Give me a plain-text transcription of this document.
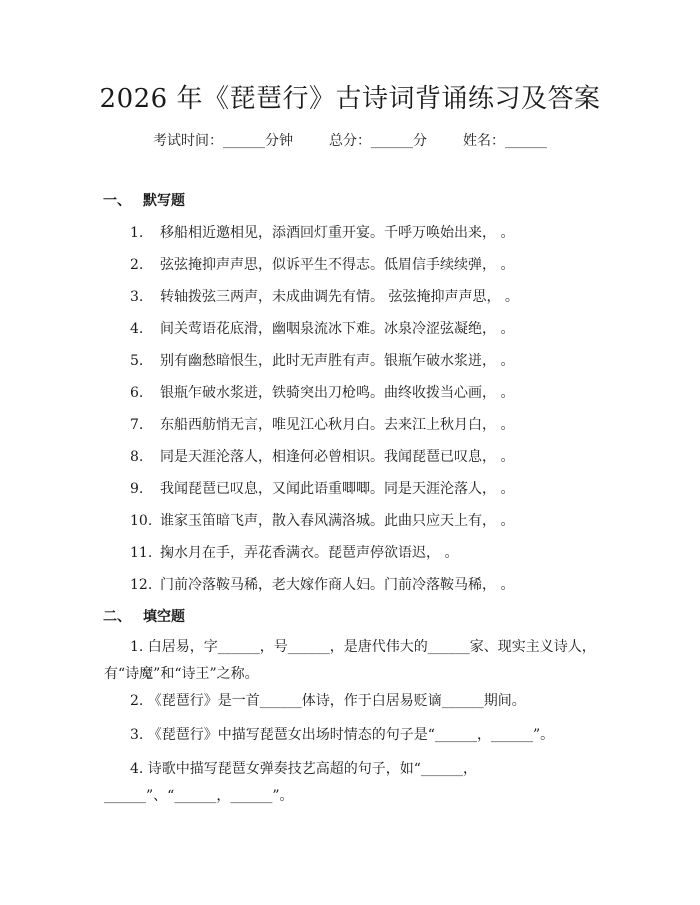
2026 年《琵琶行》古诗词背诵练习及答案
考试时间：______分钟	总分：______分	姓名：______
一、 默写题
1. 移船相近邀相见，添酒回灯重开宴。千呼万唤始出来， 。
2. 弦弦掩抑声声思，似诉平生不得志。低眉信手续续弹， 。
3. 转轴拨弦三两声，未成曲调先有情。 弦弦掩抑声声思， 。
4. 间关莺语花底滑，幽咽泉流冰下难。冰泉冷涩弦凝绝， 。
5. 别有幽愁暗恨生，此时无声胜有声。银瓶乍破水浆迸， 。
6. 银瓶乍破水浆迸，铁骑突出刀枪鸣。曲终收拨当心画， 。
7. 东船西舫悄无言，唯见江心秋月白。去来江上秋月白， 。
8. 同是天涯沦落人，相逢何必曾相识。我闻琵琶已叹息， 。
9. 我闻琵琶已叹息，又闻此语重唧唧。同是天涯沦落人， 。
10. 谁家玉笛暗飞声，散入春风满洛城。此曲只应天上有， 。
11. 掬水月在手，弄花香满衣。琵琶声停欲语迟， 。
12. 门前冷落鞍马稀，老大嫁作商人妇。门前冷落鞍马稀， 。
二、 填空题
1. 白居易，字______，号______，是唐代伟大的______家、现实主义诗人，有“诗魔”和“诗王”之称。
2. 《琵琶行》是一首______体诗，作于白居易贬谪______期间。
3. 《琵琶行》中描写琵琶女出场时情态的句子是“______，______”。
4. 诗歌中描写琵琶女弹奏技艺高超的句子，如“______，______”、“______，______”。
